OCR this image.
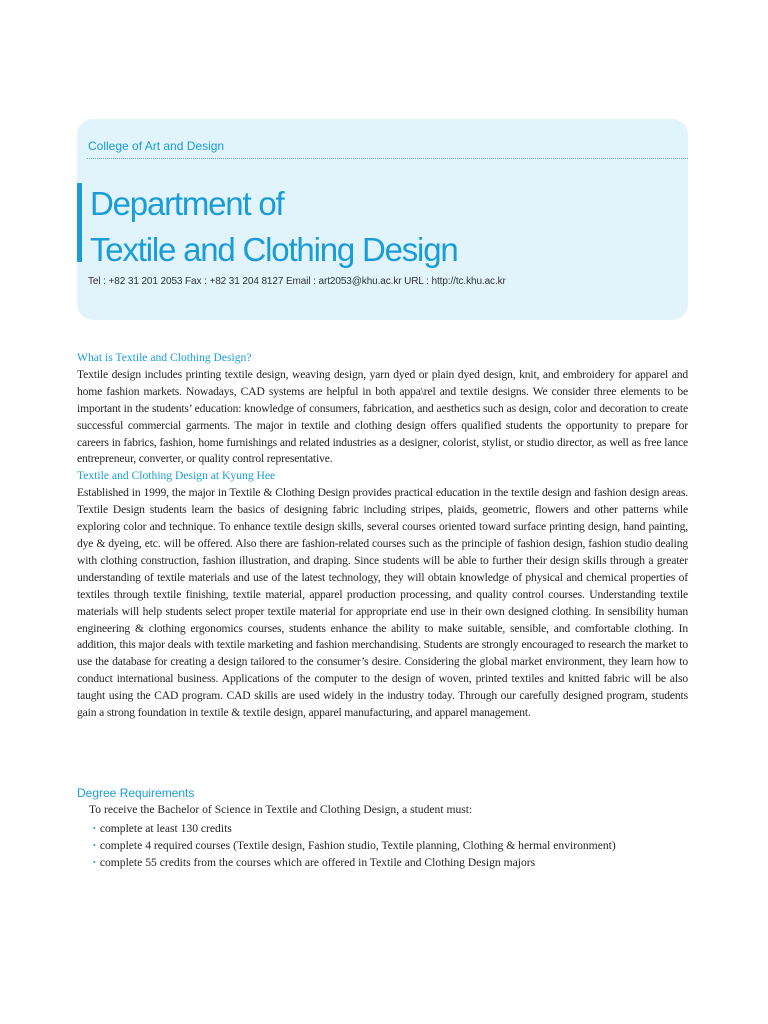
College of Art and Design
Department of
Textile and Clothing Design
Tel : +82 31 201 2053 Fax : +82 31 204 8127 Email : art2053@khu.ac.kr URL : http://tc.khu.ac.kr
What is Textile and Clothing Design?

Textile design includes printing textile design, weaving design, yarn dyed or plain dyed design, knit, and embroidery for apparel and home fashion markets. Nowadays, CAD systems are helpful in both appa\rel and textile designs. We consider three elements to be important in the students’ education: knowledge of consumers, fabrication, and aesthetics such as design, color and decoration to create successful commercial garments. The major in textile and clothing design offers qualified students the opportunity to prepare for careers in fabrics, fashion, home furnishings and related industries as a designer, colorist, stylist, or studio director, as well as free lance entrepreneur, converter, or quality control representative.

Textile and Clothing Design at Kyung Hee

Established in 1999, the major in Textile & Clothing Design provides practical education in the textile design and fashion design areas. Textile Design students learn the basics of designing fabric including stripes, plaids, geometric, flowers and other patterns while exploring color and technique. To enhance textile design skills, several courses oriented toward surface printing design, hand painting, dye & dyeing, etc. will be offered. Also there are fashion-related courses such as the principle of fashion design, fashion studio dealing with clothing construction, fashion illustration, and draping. Since students will be able to further their design skills through a greater understanding of textile materials and use of the latest technology, they will obtain knowledge of physical and chemical properties of textiles through textile finishing, textile material, apparel production processing, and quality control courses. Understanding textile materials will help students select proper textile material for appropriate end use in their own designed clothing. In sensibility human engineering & clothing ergonomics courses, students enhance the ability to make suitable, sensible, and comfortable clothing. In addition, this major deals with textile marketing and fashion merchandising. Students are strongly encouraged to research the market to use the database for creating a design tailored to the consumer’s desire. Considering the global market environment, they learn how to conduct international business. Applications of the computer to the design of woven, printed textiles and knitted fabric will be also taught using the CAD program. CAD skills are used widely in the industry today. Through our carefully designed program, students gain a strong foundation in textile & textile design, apparel manufacturing, and apparel management.

Degree Requirements
To receive the Bachelor of Science in Textile and Clothing Design, a student must:
• complete at least 130 credits
• complete 4 required courses (Textile design, Fashion studio, Textile planning, Clothing & hermal environment)
• complete 55 credits from the courses which are offered in Textile and Clothing Design majors
